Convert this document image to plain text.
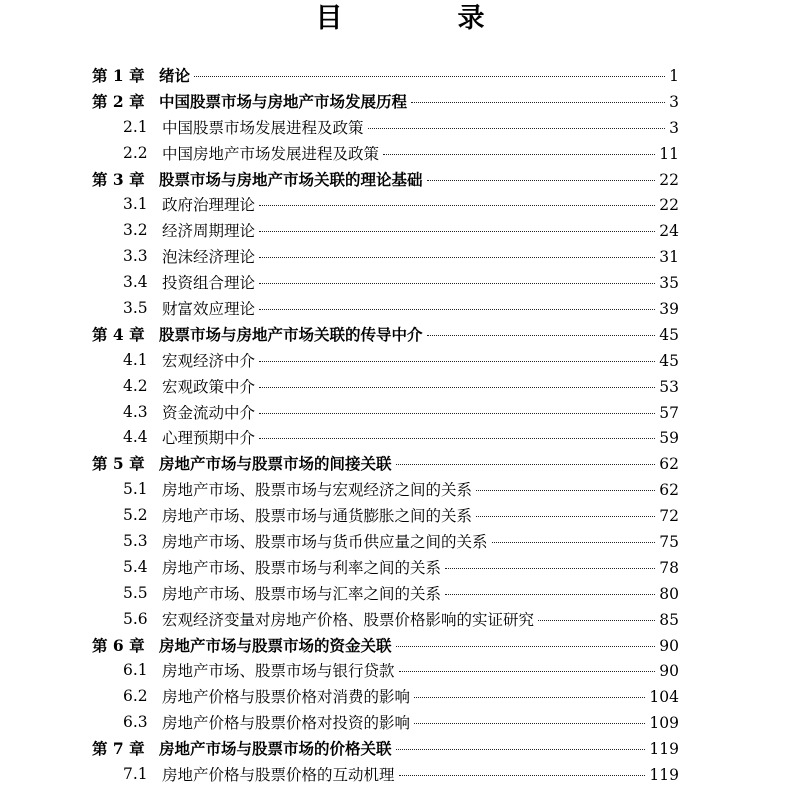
目　录
第 1 章 绪论	1
第 2 章 中国股票市场与房地产市场发展历程	3
2.1 中国股票市场发展进程及政策	3
2.2 中国房地产市场发展进程及政策	11
第 3 章 股票市场与房地产市场关联的理论基础	22
3.1 政府治理理论	22
3.2 经济周期理论	24
3.3 泡沫经济理论	31
3.4 投资组合理论	35
3.5 财富效应理论	39
第 4 章 股票市场与房地产市场关联的传导中介	45
4.1 宏观经济中介	45
4.2 宏观政策中介	53
4.3 资金流动中介	57
4.4 心理预期中介	59
第 5 章 房地产市场与股票市场的间接关联	62
5.1 房地产市场、股票市场与宏观经济之间的关系	62
5.2 房地产市场、股票市场与通货膨胀之间的关系	72
5.3 房地产市场、股票市场与货币供应量之间的关系	75
5.4 房地产市场、股票市场与利率之间的关系	78
5.5 房地产市场、股票市场与汇率之间的关系	80
5.6 宏观经济变量对房地产价格、股票价格影响的实证研究	85
第 6 章 房地产市场与股票市场的资金关联	90
6.1 房地产市场、股票市场与银行贷款	90
6.2 房地产价格与股票价格对消费的影响	104
6.3 房地产价格与股票价格对投资的影响	109
第 7 章 房地产市场与股票市场的价格关联	119
7.1 房地产价格与股票价格的互动机理	119
